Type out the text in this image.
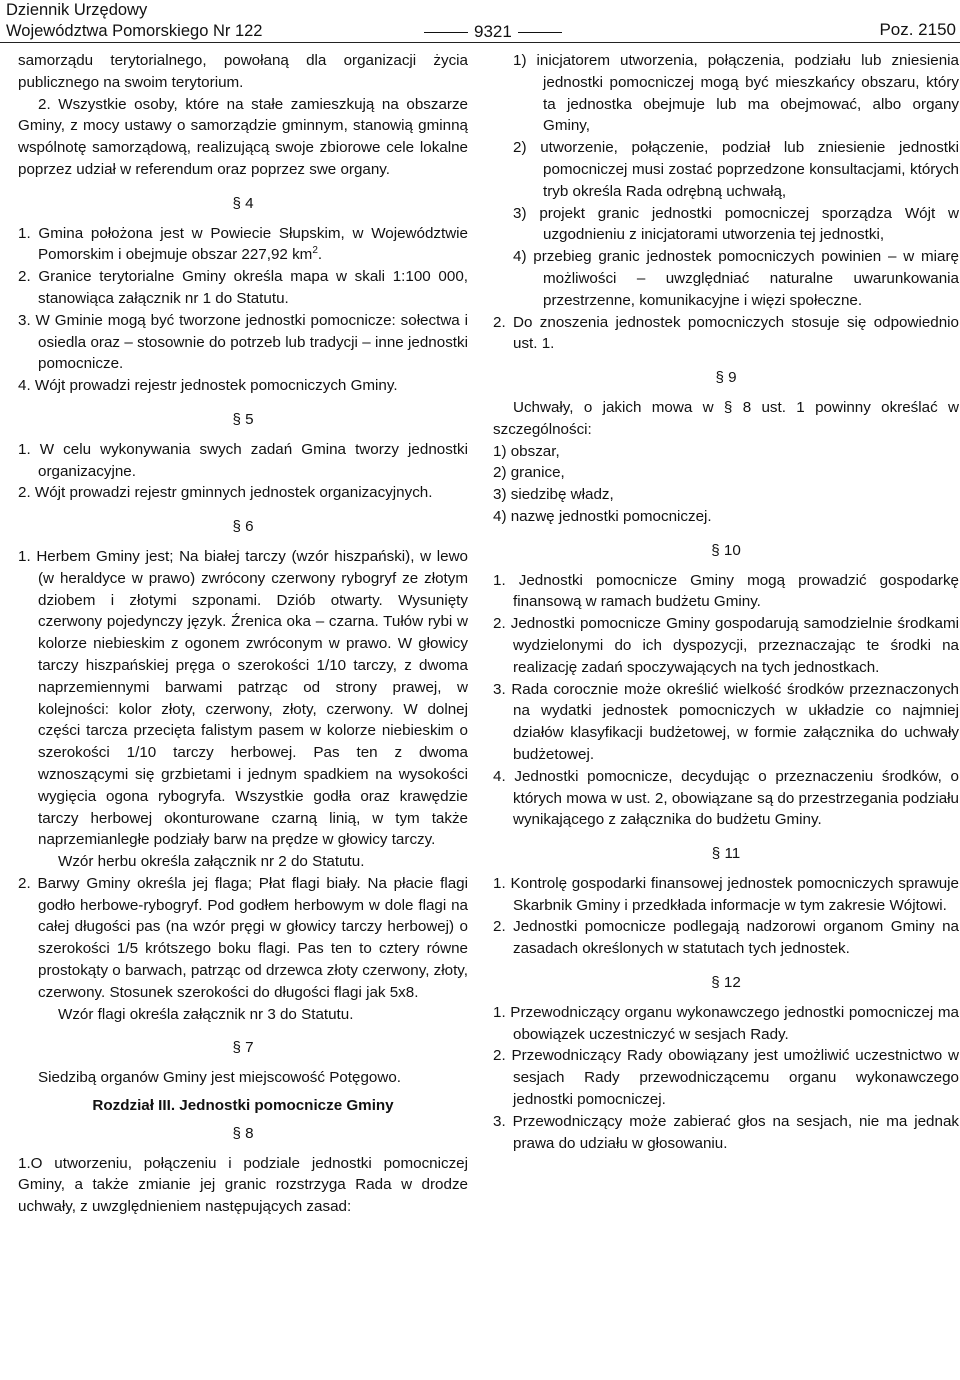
Dziennik Urzędowy
Województwa Pomorskiego Nr 122	9321	Poz. 2150

samorządu terytorialnego, powołaną dla organizacji życia publicznego na swoim terytorium.

2. Wszystkie osoby, które na stałe zamieszkują na obszarze Gminy, z mocy ustawy o samorządzie gminnym, stanowią gminną wspólnotę samorządową, realizującą swoje zbiorowe cele lokalne poprzez udział w referendum oraz poprzez swe organy.

§ 4

1. Gmina położona jest w Powiecie Słupskim, w Województwie Pomorskim i obejmuje obszar 227,92 $km^2$.

2. Granice terytorialne Gminy określa mapa w skali 1:100 000, stanowiąca załącznik nr 1 do Statutu.

3. W Gminie mogą być tworzone jednostki pomocnicze: sołectwa i osiedla oraz – stosownie do potrzeb lub tradycji – inne jednostki pomocnicze.

4. Wójt prowadzi rejestr jednostek pomocniczych Gminy.

§ 5

1. W celu wykonywania swych zadań Gmina tworzy jednostki organizacyjne.

2. Wójt prowadzi rejestr gminnych jednostek organizacyjnych.

§ 6

1. Herbem Gminy jest; Na białej tarczy (wzór hiszpański), w lewo (w heraldyce w prawo) zwrócony czerwony rybogryf ze złotym dziobem i złotymi szponami. Dziób otwarty. Wysunięty czerwony pojedynczy język. Źrenica oka – czarna. Tułów rybi w kolorze niebieskim z ogonem zwróconym w prawo. W głowicy tarczy hiszpańskiej pręga o szerokości 1/10 tarczy, z dwoma naprzemiennymi barwami patrząc od strony prawej, w kolejności: kolor złoty, czerwony, złoty, czerwony. W dolnej części tarcza przecięta falistym pasem w kolorze niebieskim o szerokości 1/10 tarczy herbowej. Pas ten z dwoma wznoszącymi się grzbietami i jednym spadkiem na wysokości wygięcia ogona rybogryfa. Wszystkie godła oraz krawędzie tarczy herbowej okonturowane czarną linią, w tym także naprzemianległe podziały barw na prędze w głowicy tarczy.

Wzór herbu określa załącznik nr 2 do Statutu.

2. Barwy Gminy określa jej flaga; Płat flagi biały. Na płacie flagi godło herbowe-rybogryf. Pod godłem herbowym w dole flagi na całej długości pas (na wzór pręgi w głowicy tarczy herbowej) o szerokości 1/5 krótszego boku flagi. Pas ten to cztery równe prostokąty o barwach, patrząc od drzewca złoty czerwony, złoty, czerwony. Stosunek szerokości do długości flagi jak 5x8.

Wzór flagi określa załącznik nr 3 do Statutu.

§ 7

Siedzibą organów Gminy jest miejscowość Potęgowo.

Rozdział III. Jednostki pomocnicze Gminy

§ 8

1.O utworzeniu, połączeniu i podziale jednostki pomocniczej Gminy, a także zmianie jej granic rozstrzyga Rada w drodze uchwały, z uwzględnieniem następujących zasad:

1) inicjatorem utworzenia, połączenia, podziału lub zniesienia jednostki pomocniczej mogą być mieszkańcy obszaru, który ta jednostka obejmuje lub ma obejmować, albo organy Gminy,

2) utworzenie, połączenie, podział lub zniesienie jednostki pomocniczej musi zostać poprzedzone konsultacjami, których tryb określa Rada odrębną uchwałą,

3) projekt granic jednostki pomocniczej sporządza Wójt w uzgodnieniu z inicjatorami utworzenia tej jednostki,

4) przebieg granic jednostek pomocniczych powinien – w miarę możliwości – uwzględniać naturalne uwarunkowania przestrzenne, komunikacyjne i więzi społeczne.

2. Do znoszenia jednostek pomocniczych stosuje się odpowiednio ust. 1.

§ 9

Uchwały, o jakich mowa w § 8 ust. 1 powinny określać w szczególności:

1) obszar,

2) granice,

3) siedzibę władz,

4) nazwę jednostki pomocniczej.

§ 10

1. Jednostki pomocnicze Gminy mogą prowadzić gospodarkę finansową w ramach budżetu Gminy.

2. Jednostki pomocnicze Gminy gospodarują samodzielnie środkami wydzielonymi do ich dyspozycji, przeznaczając te środki na realizację zadań spoczywających na tych jednostkach.

3. Rada corocznie może określić wielkość środków przeznaczonych na wydatki jednostek pomocniczych w układzie co najmniej działów klasyfikacji budżetowej, w formie załącznika do uchwały budżetowej.

4. Jednostki pomocnicze, decydując o przeznaczeniu środków, o których mowa w ust. 2, obowiązane są do przestrzegania podziału wynikającego z załącznika do budżetu Gminy.

§ 11

1. Kontrolę gospodarki finansowej jednostek pomocniczych sprawuje Skarbnik Gminy i przedkłada informacje w tym zakresie Wójtowi.

2. Jednostki pomocnicze podlegają nadzorowi organom Gminy na zasadach określonych w statutach tych jednostek.

§ 12

1. Przewodniczący organu wykonawczego jednostki pomocniczej ma obowiązek uczestniczyć w sesjach Rady.

2. Przewodniczący Rady obowiązany jest umożliwić uczestnictwo w sesjach Rady przewodniczącemu organu wykonawczego jednostki pomocniczej.

3. Przewodniczący może zabierać głos na sesjach, nie ma jednak prawa do udziału w głosowaniu.
